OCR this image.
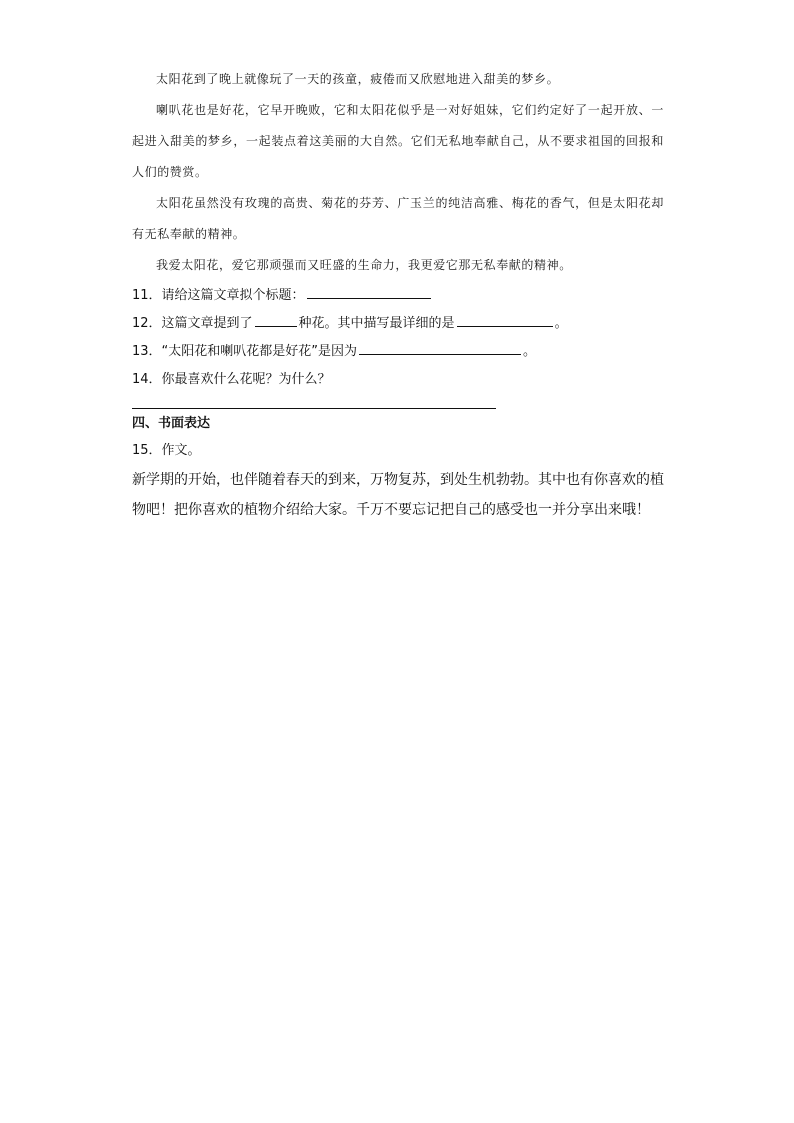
太阳花到了晚上就像玩了一天的孩童，疲倦而又欣慰地进入甜美的梦乡。

喇叭花也是好花，它早开晚败，它和太阳花似乎是一对好姐妹，它们约定好了一起开放、一起进入甜美的梦乡，一起装点着这美丽的大自然。它们无私地奉献自己，从不要求祖国的回报和人们的赞赏。

太阳花虽然没有玫瑰的高贵、菊花的芬芳、广玉兰的纯洁高雅、梅花的香气，但是太阳花却有无私奉献的精神。

我爱太阳花，爱它那顽强而又旺盛的生命力，我更爱它那无私奉献的精神。

11．请给这篇文章拟个标题：
12．这篇文章提到了	种花。其中描写最详细的是	。
13．“太阳花和喇叭花都是好花”是因为	。
14．你最喜欢什么花呢？为什么？
四、书面表达
15．作文。
新学期的开始，也伴随着春天的到来，万物复苏，到处生机勃勃。其中也有你喜欢的植物吧！把你喜欢的植物介绍给大家。千万不要忘记把自己的感受也一并分享出来哦！
